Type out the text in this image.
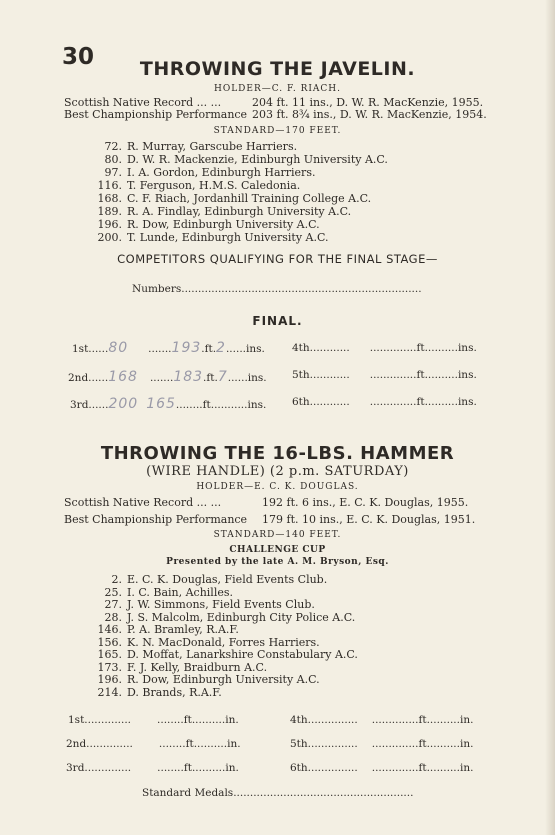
30	THROWING THE JAVELIN.
HOLDER—C. F. RIACH.
Scottish Native Record ... ...	204 ft. 11 ins., D. W. R. MacKenzie, 1955.
Best Championship Performance 203 ft. 8¾ ins., D. W. R. MacKenzie, 1954.
STANDARD—170 FEET.
72. R. Murray, Garscube Harriers.
80. D. W. R. Mackenzie, Edinburgh University A.C.
97. I. A. Gordon, Edinburgh Harriers.
116. T. Ferguson, H.M.S. Caledonia.
168. C. F. Riach, Jordanhill Training College A.C.
189. R. A. Findlay, Edinburgh University A.C.
196. R. Dow, Edinburgh University A.C.
200. T. Lunde, Edinburgh University A.C.
COMPETITORS QUALIFYING FOR THE FINAL STAGE—
Numbers........................................................................
FINAL.
1st......80 .......193.ft.2......ins.
2nd......168 .......183.ft.7......ins.
3rd......200 165........ft...........ins.
4th............ ..............ft..........ins.
5th............ ..............ft..........ins.
6th............ ..............ft..........ins.
THROWING THE 16-LBS. HAMMER
(WIRE HANDLE) (2 p.m. SATURDAY)
HOLDER—E. C. K. DOUGLAS.
Scottish Native Record ... ...	192 ft. 6 ins., E. C. K. Douglas, 1955.
Best Championship Performance 179 ft. 10 ins., E. C. K. Douglas, 1951.
STANDARD—140 FEET.
CHALLENGE CUP
Presented by the late A. M. Bryson, Esq.
2. E. C. K. Douglas, Field Events Club.
25. I. C. Bain, Achilles.
27. J. W. Simmons, Field Events Club.
28. J. S. Malcolm, Edinburgh City Police A.C.
146. P. A. Bramley, R.A.F.
156. K. N. MacDonald, Forres Harriers.
165. D. Moffat, Lanarkshire Constabulary A.C.
173. F. J. Kelly, Braidburn A.C.
196. R. Dow, Edinburgh University A.C.
214. D. Brands, R.A.F.
1st.............. ........ft..........in.
2nd.............. ........ft..........in.
3rd.............. ........ft..........in.
4th............... ..............ft..........in.
5th............... ..............ft..........in.
6th............... ..............ft..........in.
Standard Medals......................................................
